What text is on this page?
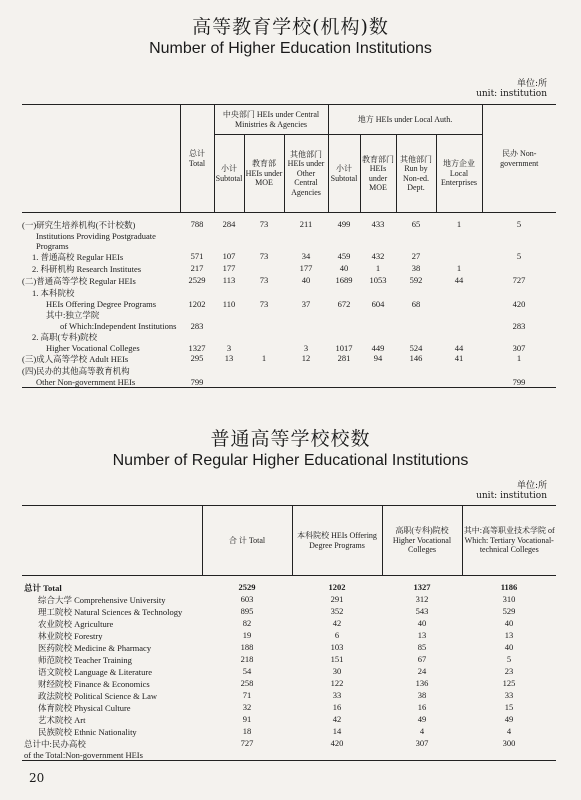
高等教育学校(机构)数
Number of Higher Education Institutions
单位:所
unit: institution
	总计 Total	中央部门 HEIs under Central Ministries & Agencies			地方 HEIs under Local Auth.				民办 Non-government
		小计 Subtotal	教育部 HEIs under MOE	其他部门 HEIs under Other Central Agencies	小计 Subtotal	教育部门 HEIs under MOE	其他部门 Run by Non-ed. Dept.	地方企业 Local Enterprises	

(一)研究生培养机构(不计校数)
Institutions Providing Postgraduate
Programs	788	284	73	211	499	433	65	1	5

1. 普通高校 Regular HEIs	571	107	73	34	459	432	27		5

2. 科研机构 Research Institutes	217	177		177	40	1	38	1	

(二)普通高等学校 Regular HEIs	2529	113	73	40	1689	1053	592	44	727

1. 本科院校
HEIs Offering Degree Programs	1202	110	73	37	672	604	68		420

其中:独立学院
of Which:Independent Institutions	283								283

2. 高职(专科)院校
Higher Vocational Colleges	1327	3		3	1017	449	524	44	307

(三)成人高等学校 Adult HEIs	295	13	1	12	281	94	146	41	1

(四)民办的其他高等教育机构
Other Non-government HEIs	799								799
普通高等学校校数
Number of Regular Higher Educational Institutions
单位:所
unit: institution
	合 计 Total	本科院校 HEIs Offering Degree Programs	高职(专科)院校 Higher Vocational Colleges	其中:高等职业技术学院 of Which: Tertiary Vocational-technical Colleges

总计 Total	2529	1202	1327	1186

综合大学 Comprehensive University	603	291	312	310

理工院校 Natural Sciences & Technology	895	352	543	529

农业院校 Agriculture	82	42	40	40

林业院校 Forestry	19	6	13	13

医药院校 Medicine & Pharmacy	188	103	85	40

师范院校 Teacher Training	218	151	67	5

语文院校 Language & Literature	54	30	24	23

财经院校 Finance & Economics	258	122	136	125

政法院校 Political Science & Law	71	33	38	33

体育院校 Physical Culture	32	16	16	15

艺术院校 Art	91	42	49	49

民族院校 Ethnic Nationality	18	14	4	4

总计中:民办高校
of the Total:Non-government HEIs	727	420	307	300
20
